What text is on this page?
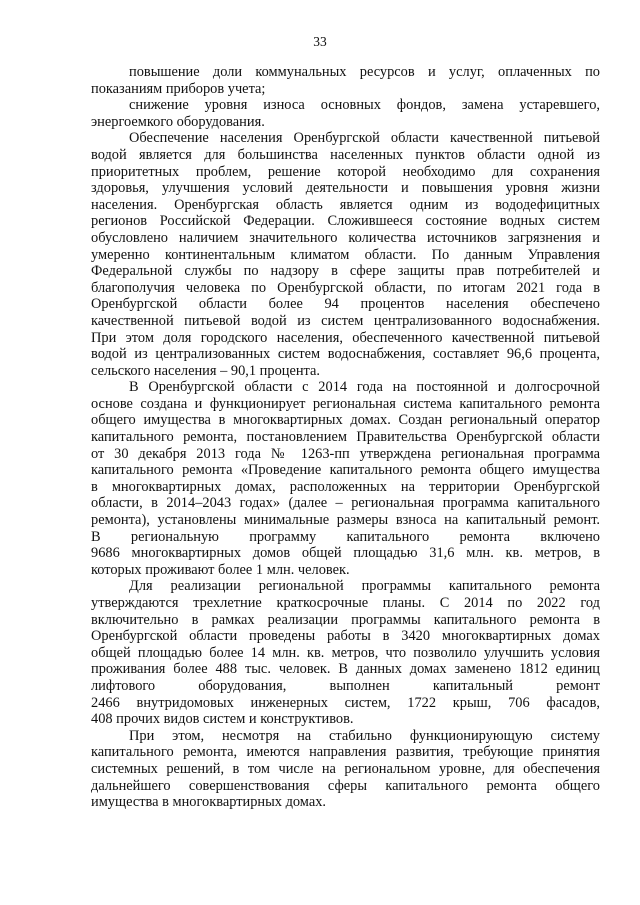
33
повышение доли коммунальных ресурсов и услуг, оплаченных по
показаниям приборов учета;
снижение уровня износа основных фондов, замена устаревшего,
энергоемкого оборудования.
Обеспечение населения Оренбургской области качественной питьевой
водой является для большинства населенных пунктов области одной из
приоритетных проблем, решение которой необходимо для сохранения
здоровья, улучшения условий деятельности и повышения уровня жизни
населения. Оренбургская область является одним из вододефицитных
регионов Российской Федерации. Сложившееся состояние водных систем
обусловлено наличием значительного количества источников загрязнения и
умеренно континентальным климатом области. По данным Управления
Федеральной службы по надзору в сфере защиты прав потребителей и
благополучия человека по Оренбургской области, по итогам 2021 года в
Оренбургской области более 94 процентов населения обеспечено
качественной питьевой водой из систем централизованного водоснабжения.
При этом доля городского населения, обеспеченного качественной питьевой
водой из централизованных систем водоснабжения, составляет 96,6 процента,
сельского населения – 90,1 процента.
В Оренбургской области с 2014 года на постоянной и долгосрочной
основе создана и функционирует региональная система капитального ремонта
общего имущества в многоквартирных домах. Создан региональный оператор
капитального ремонта, постановлением Правительства Оренбургской области
от 30 декабря 2013 года № 1263-пп утверждена региональная программа
капитального ремонта «Проведение капитального ремонта общего имущества
в многоквартирных домах, расположенных на территории Оренбургской
области, в 2014–2043 годах» (далее – региональная программа капитального
ремонта), установлены минимальные размеры взноса на капитальный ремонт.
В региональную программу капитального ремонта включено
9686 многоквартирных домов общей площадью 31,6 млн. кв. метров, в
которых проживают более 1 млн. человек.
Для реализации региональной программы капитального ремонта
утверждаются трехлетние краткосрочные планы. С 2014 по 2022 год
включительно в рамках реализации программы капитального ремонта в
Оренбургской области проведены работы в 3420 многоквартирных домах
общей площадью более 14 млн. кв. метров, что позволило улучшить условия
проживания более 488 тыс. человек. В данных домах заменено 1812 единиц
лифтового оборудования, выполнен капитальный ремонт
2466 внутридомовых инженерных систем, 1722 крыш, 706 фасадов,
408 прочих видов систем и конструктивов.
При этом, несмотря на стабильно функционирующую систему
капитального ремонта, имеются направления развития, требующие принятия
системных решений, в том числе на региональном уровне, для обеспечения
дальнейшего совершенствования сферы капитального ремонта общего
имущества в многоквартирных домах.
